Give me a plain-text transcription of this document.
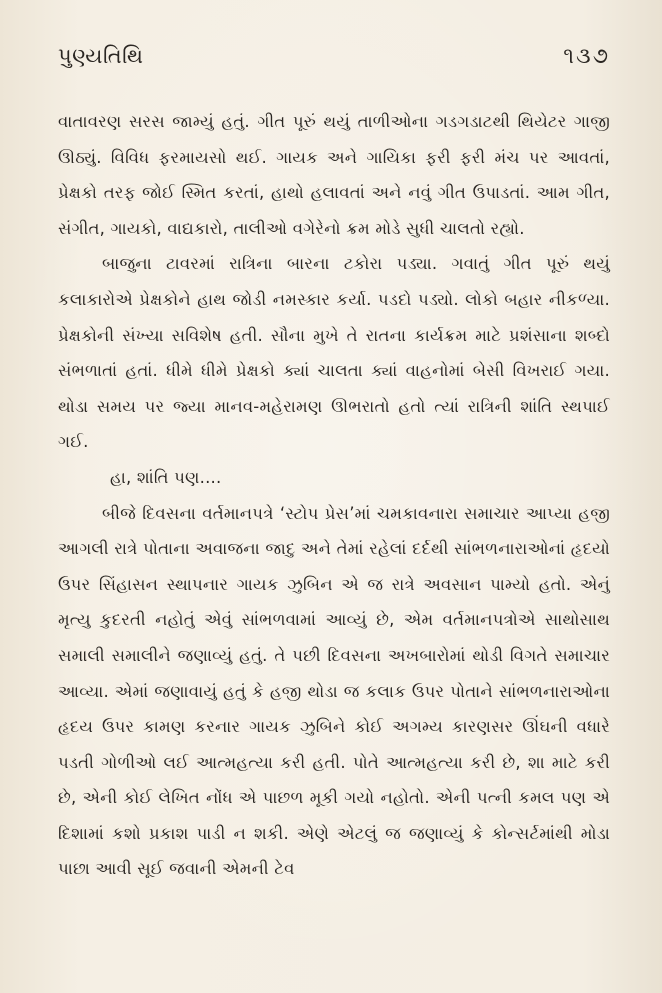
પુણ્યતિથિ	૧૩૭

વાતાવરણ સરસ જામ્યું હતું. ગીત પૂરું થયું તાળીઓના ગડગડાટથી થિયેટર ગાજી ઊઠ્યું. વિવિધ ફરમાયસો થઈ. ગાયક અને ગાયિકા ફરી ફરી મંચ પર આવતાં, પ્રેક્ષકો તરફ જોઈ સ્મિત કરતાં, હાથો હલાવતાં અને નવું ગીત ઉપાડતાં. આમ ગીત, સંગીત, ગાયકો, વાદ્યકારો, તાલીઓ વગેરેનો ક્રમ મોડે સુધી ચાલતો રહ્યો.

બાજુના ટાવરમાં રાત્રિના બારના ટકોરા પડ્યા. ગવાતું ગીત પૂરું થયું કલાકારોએ પ્રેક્ષકોને હાથ જોડી નમસ્કાર કર્યા. પડદો પડ્યો. લોકો બહાર નીકળ્યા. પ્રેક્ષકોની સંખ્યા સવિશેષ હતી. સૌના મુખે તે રાતના કાર્યક્રમ માટે પ્રશંસાના શબ્દો સંભળાતાં હતાં. ધીમે ધીમે પ્રેક્ષકો ક્યાં ચાલતા ક્યાં વાહનોમાં બેસી વિખરાઈ ગયા. થોડા સમય પર જ્યા માનવ-મહેરામણ ઊભરાતો હતો ત્યાં રાત્રિની શાંતિ સ્થપાઈ ગઈ.

હા, શાંતિ પણ....

બીજે દિવસના વર્તમાનપત્રે ‘સ્ટોપ પ્રેસ’માં ચમકાવનારા સમાચાર આપ્યા હજી આગલી રાત્રે પોતાના અવાજના જાદુ અને તેમાં રહેલાં દર્દથી સાંભળનારાઓનાં હૃદયો ઉપર સિંહાસન સ્થાપનાર ગાયક ઝુબિન એ જ રાત્રે અવસાન પામ્યો હતો. એનું મૃત્યુ કુદરતી નહોતું એવું સાંભળવામાં આવ્યું છે, એમ વર્તમાનપત્રોએ સાથોસાથ સમાલી સમાલીને જણાવ્યું હતું. તે પછી દિવસના અખબારોમાં થોડી વિગતે સમાચાર આવ્યા. એમાં જણાવાયું હતું કે હજી થોડા જ કલાક ઉપર પોતાને સાંભળનારાઓના હૃદય ઉપર કામણ કરનાર ગાયક ઝુબિને કોઈ અગમ્ય કારણસર ઊંઘની વધારે પડતી ગોળીઓ લઈ આત્મહત્યા કરી હતી. પોતે આત્મહત્યા કરી છે, શા માટે કરી છે, એની કોઈ લેખિત નોંધ એ પાછળ મૂકી ગયો નહોતો. એની પત્ની કમલ પણ એ દિશામાં કશો પ્રકાશ પાડી ન શકી. એણે એટલું જ જણાવ્યું કે કોન્સર્ટમાંથી મોડા પાછા આવી સૂઈ જવાની એમની ટેવ
